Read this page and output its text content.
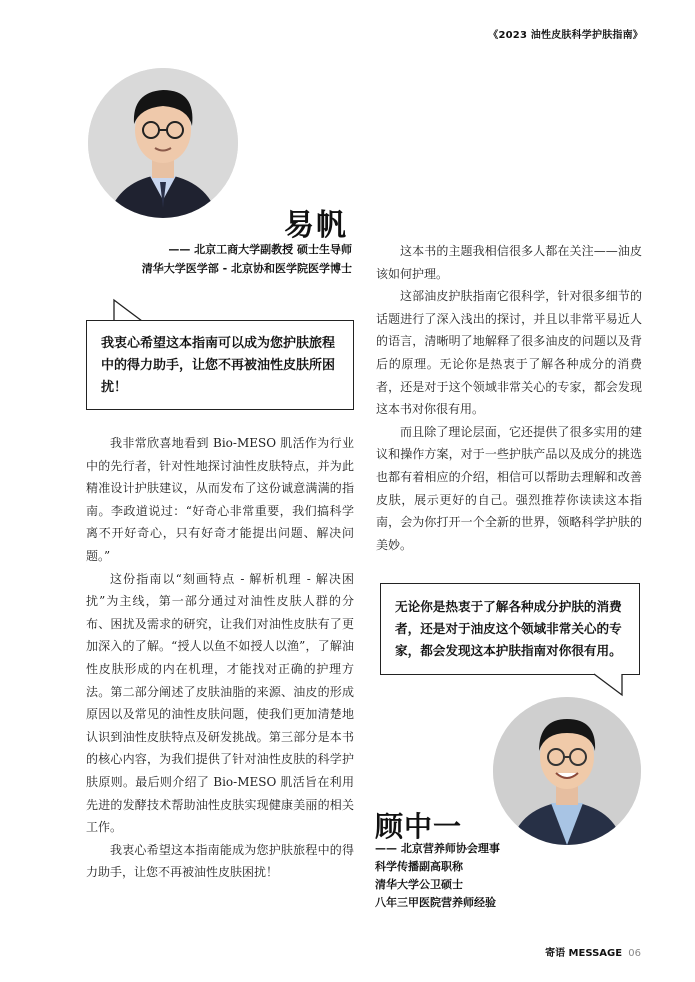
《2023 油性皮肤科学护肤指南》
易帆
—— 北京工商大学副教授 硕士生导师
清华大学医学部 - 北京协和医学院医学博士
我衷心希望这本指南可以成为您护肤旅程中的得力助手，让您不再被油性皮肤所困扰！

我非常欣喜地看到 Bio-MESO 肌活作为行业中的先行者，针对性地探讨油性皮肤特点，并为此精准设计护肤建议，从而发布了这份诚意满满的指南。李政道说过：“好奇心非常重要，我们搞科学离不开好奇心，只有好奇才能提出问题、解决问题。”

这份指南以“刻画特点 - 解析机理 - 解决困扰”为主线，第一部分通过对油性皮肤人群的分布、困扰及需求的研究，让我们对油性皮肤有了更加深入的了解。“授人以鱼不如授人以渔”，了解油性皮肤形成的内在机理，才能找对正确的护理方法。第二部分阐述了皮肤油脂的来源、油皮的形成原因以及常见的油性皮肤问题，使我们更加清楚地认识到油性皮肤特点及研发挑战。第三部分是本书的核心内容，为我们提供了针对油性皮肤的科学护肤原则。最后则介绍了 Bio-MESO 肌活旨在利用先进的发酵技术帮助油性皮肤实现健康美丽的相关工作。

我衷心希望这本指南能成为您护肤旅程中的得力助手，让您不再被油性皮肤困扰！

这本书的主题我相信很多人都在关注——油皮该如何护理。

这部油皮护肤指南它很科学，针对很多细节的话题进行了深入浅出的探讨，并且以非常平易近人的语言，清晰明了地解释了很多油皮的问题以及背后的原理。无论你是热衷于了解各种成分的消费者，还是对于这个领域非常关心的专家，都会发现这本书对你很有用。

而且除了理论层面，它还提供了很多实用的建议和操作方案，对于一些护肤产品以及成分的挑选也都有着相应的介绍，相信可以帮助去理解和改善皮肤，展示更好的自己。强烈推荐你读读这本指南，会为你打开一个全新的世界，领略科学护肤的美妙。

无论你是热衷于了解各种成分护肤的消费者，还是对于油皮这个领域非常关心的专家，都会发现这本护肤指南对你很有用。
顾中一
—— 北京营养师协会理事
科学传播副高职称
清华大学公卫硕士
八年三甲医院营养师经验
寄语 MESSAGE 06
